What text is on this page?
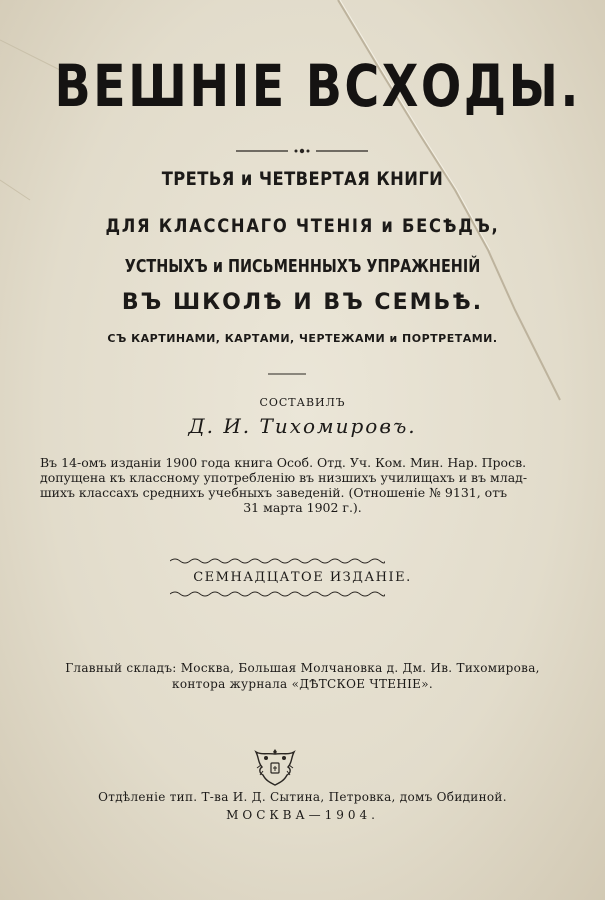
ВЕШНІЕ ВСХОДЫ.
ТРЕТЬЯ и ЧЕТВЕРТАЯ КНИГИ
ДЛЯ КЛАССНАГО ЧТЕНІЯ и БЕСѢДЪ,
УСТНЫХЪ и ПИСЬМЕННЫХЪ УПРАЖНЕНІЙ
ВЪ ШКОЛѢ И ВЪ СЕМЬѢ.
СЪ КАРТИНАМИ, КАРТАМИ, ЧЕРТЕЖАМИ и ПОРТРЕТАМИ.
СОСТАВИЛЪ
Д. И. Тихомировъ.
Въ 14-омъ изданіи 1900 года книга Особ. Отд. Уч. Ком. Мин. Нар. Просв.
допущена къ классному употребленію въ низшихъ училищахъ и въ млад-
шихъ классахъ среднихъ учебныхъ заведеній. (Отношеніе № 9131, отъ
31 марта 1902 г.).
СЕМНАДЦАТОЕ ИЗДАНІЕ.
Главный складъ: Москва, Большая Молчановка д. Дм. Ив. Тихомирова,
контора журнала «ДѢТСКОЕ ЧТЕНІЕ».
Отдѣленіе тип. Т-ва И. Д. Сытина, Петровка, домъ Обидиной.
МОСКВА—1904.
